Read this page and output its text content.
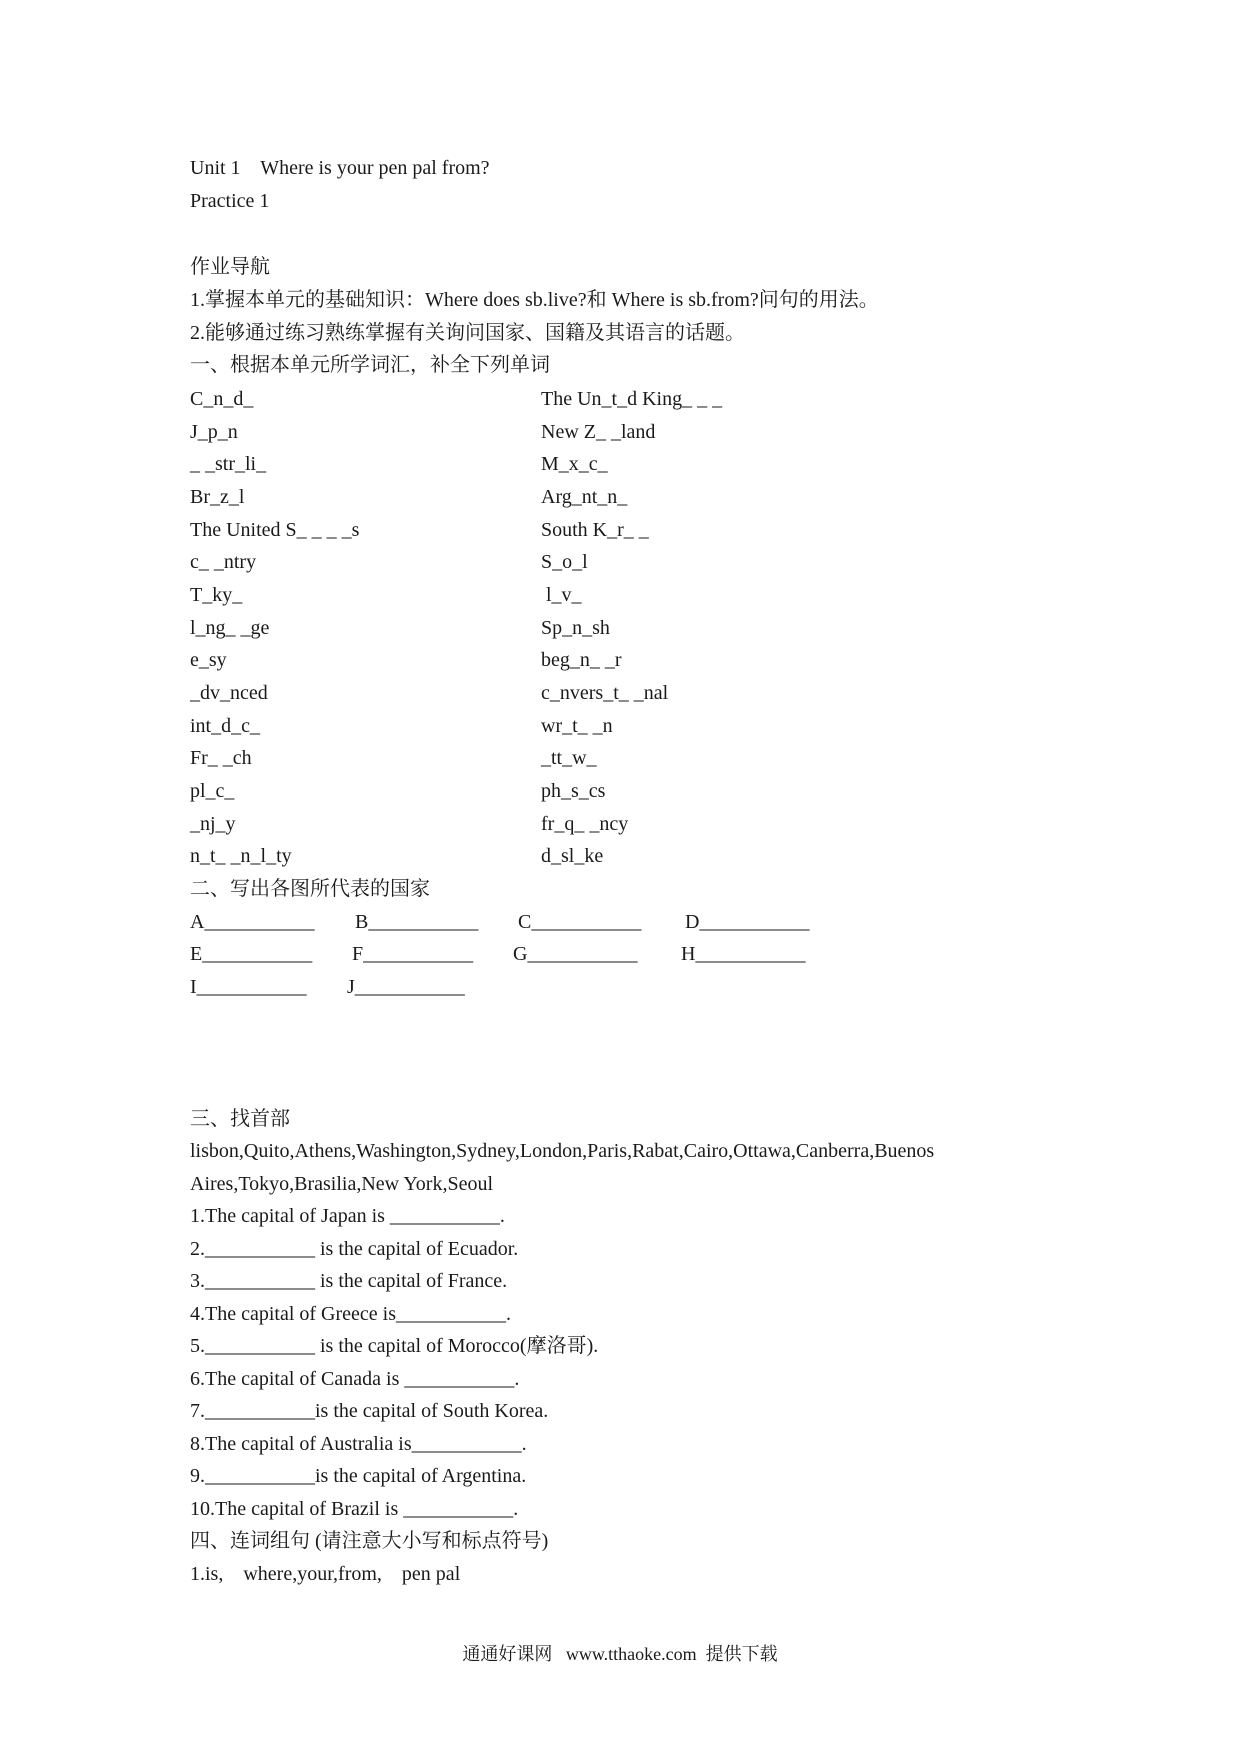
Unit 1    Where is your pen pal from?
Practice 1
作业导航
1.掌握本单元的基础知识：Where does sb.live?和 Where is sb.from?问句的用法。
2.能够通过练习熟练掌握有关询问国家、国籍及其语言的话题。
一、根据本单元所学词汇，补全下列单词
C_n_d_
J_p_n
_ _str_li_
Br_z_l
The United S_ _ _ _s
c_ _ntry
T_ky_
l_ng_ _ge
e_sy
_dv_nced
int_d_c_
Fr_ _ch
pl_c_
_nj_y
n_t_ _n_l_ty
The Un_t_d King_ _ _
New Z_ _land
M_x_c_
Arg_nt_n_
South K_r_ _
S_o_l
l_v_
Sp_n_sh
beg_n_ _r
c_nvers_t_ _nal
wr_t_ _n
_tt_w_
ph_s_cs
fr_q_ _ncy
d_sl_ke
二、写出各图所代表的国家
A___________ B___________ C___________ D___________
E___________ F___________ G___________ H___________
I___________ J___________
三、找首部
lisbon,Quito,Athens,Washington,Sydney,London,Paris,Rabat,Cairo,Ottawa,Canberra,Buenos
Aires,Tokyo,Brasilia,New York,Seoul
1.The capital of Japan is ___________.
2.___________ is the capital of Ecuador.
3.___________ is the capital of France.
4.The capital of Greece is___________.
5.___________ is the capital of Morocco(摩洛哥).
6.The capital of Canada is ___________.
7.___________is the capital of South Korea.
8.The capital of Australia is___________.
9.___________is the capital of Argentina.
10.The capital of Brazil is ___________.
四、连词组句 (请注意大小写和标点符号)
1.is,    where,your,from,    pen pal
通通好课网   www.tthaoke.com  提供下载
